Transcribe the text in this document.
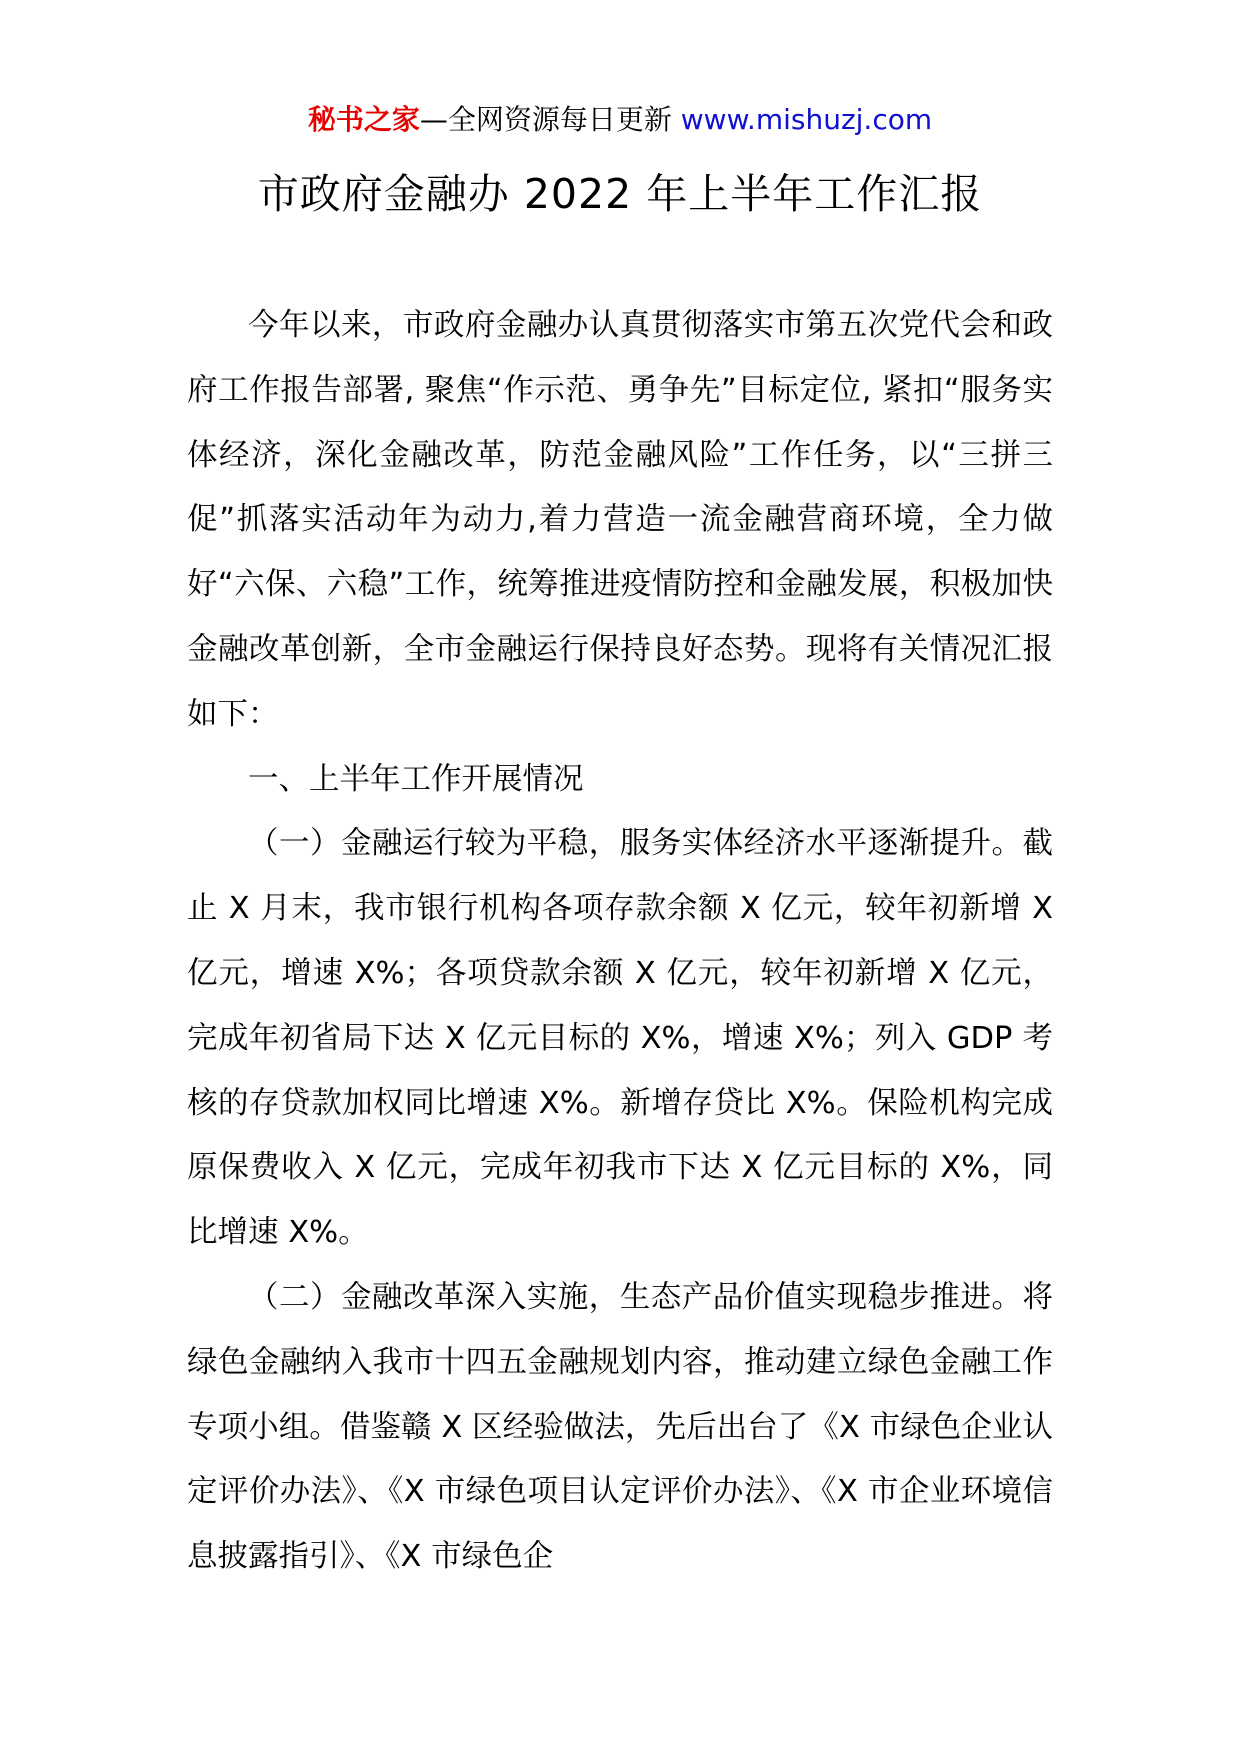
秘书之家—全网资源每日更新 www.mishuzj.com
市政府金融办 2022 年上半年工作汇报

今年以来，市政府金融办认真贯彻落实市第五次党代会和政府工作报告部署, 聚焦“作示范、勇争先”目标定位, 紧扣“服务实体经济，深化金融改革，防范金融风险”工作任务，以“三拼三促”抓落实活动年为动力,着力营造一流金融营商环境，全力做好“六保、六稳”工作，统筹推进疫情防控和金融发展，积极加快金融改革创新，全市金融运行保持良好态势。现将有关情况汇报如下：

一、上半年工作开展情况

（一）金融运行较为平稳，服务实体经济水平逐渐提升。截止 X 月末，我市银行机构各项存款余额 X 亿元，较年初新增 X 亿元，增速 X%；各项贷款余额 X 亿元，较年初新增 X 亿元，完成年初省局下达 X 亿元目标的 X%，增速 X%；列入 GDP 考核的存贷款加权同比增速 X%。新增存贷比 X%。保险机构完成原保费收入 X 亿元，完成年初我市下达 X 亿元目标的 X%，同比增速 X%。

（二）金融改革深入实施，生态产品价值实现稳步推进。将绿色金融纳入我市十四五金融规划内容，推动建立绿色金融工作专项小组。借鉴赣 X 区经验做法，先后出台了《X 市绿色企业认定评价办法》、《X 市绿色项目认定评价办法》、《X 市企业环境信息披露指引》、《X 市绿色企
